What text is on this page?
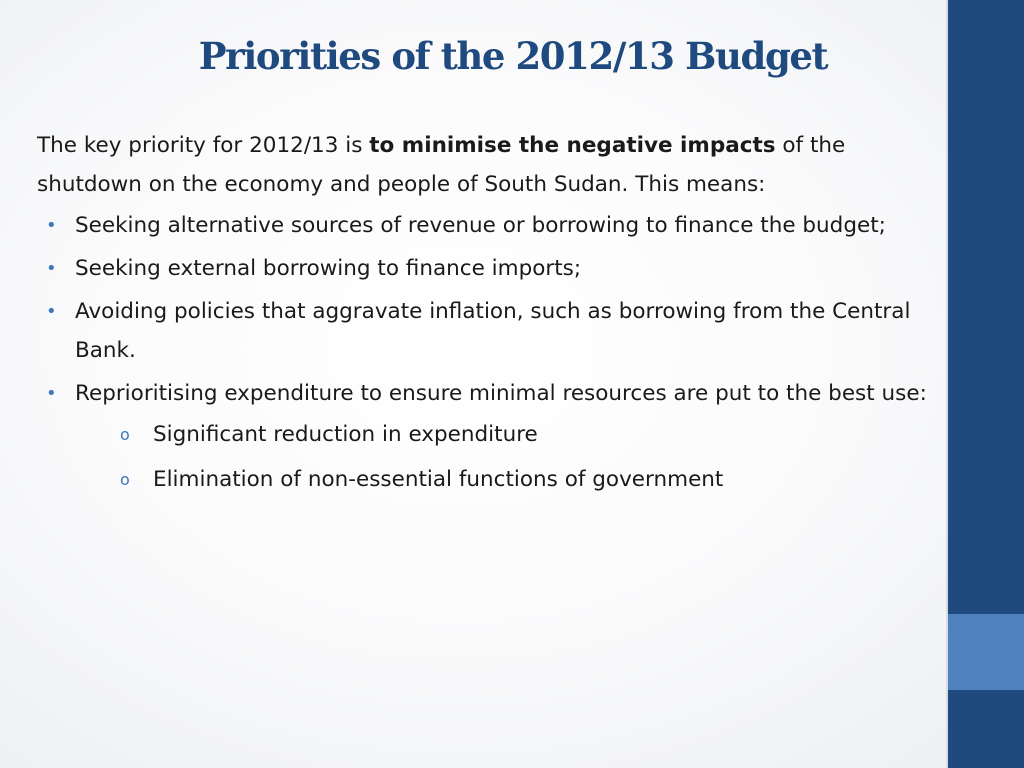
Priorities of the 2012/13 Budget

The key priority for 2012/13 is to minimise the negative impacts of the shutdown on the economy and people of South Sudan. This means:

• Seeking alternative sources of revenue or borrowing to finance the budget;
• Seeking external borrowing to finance imports;
• Avoiding policies that aggravate inflation, such as borrowing from the Central Bank.
• Reprioritising expenditure to ensure minimal resources are put to the best use:
o Significant reduction in expenditure
o Elimination of non-essential functions of government
